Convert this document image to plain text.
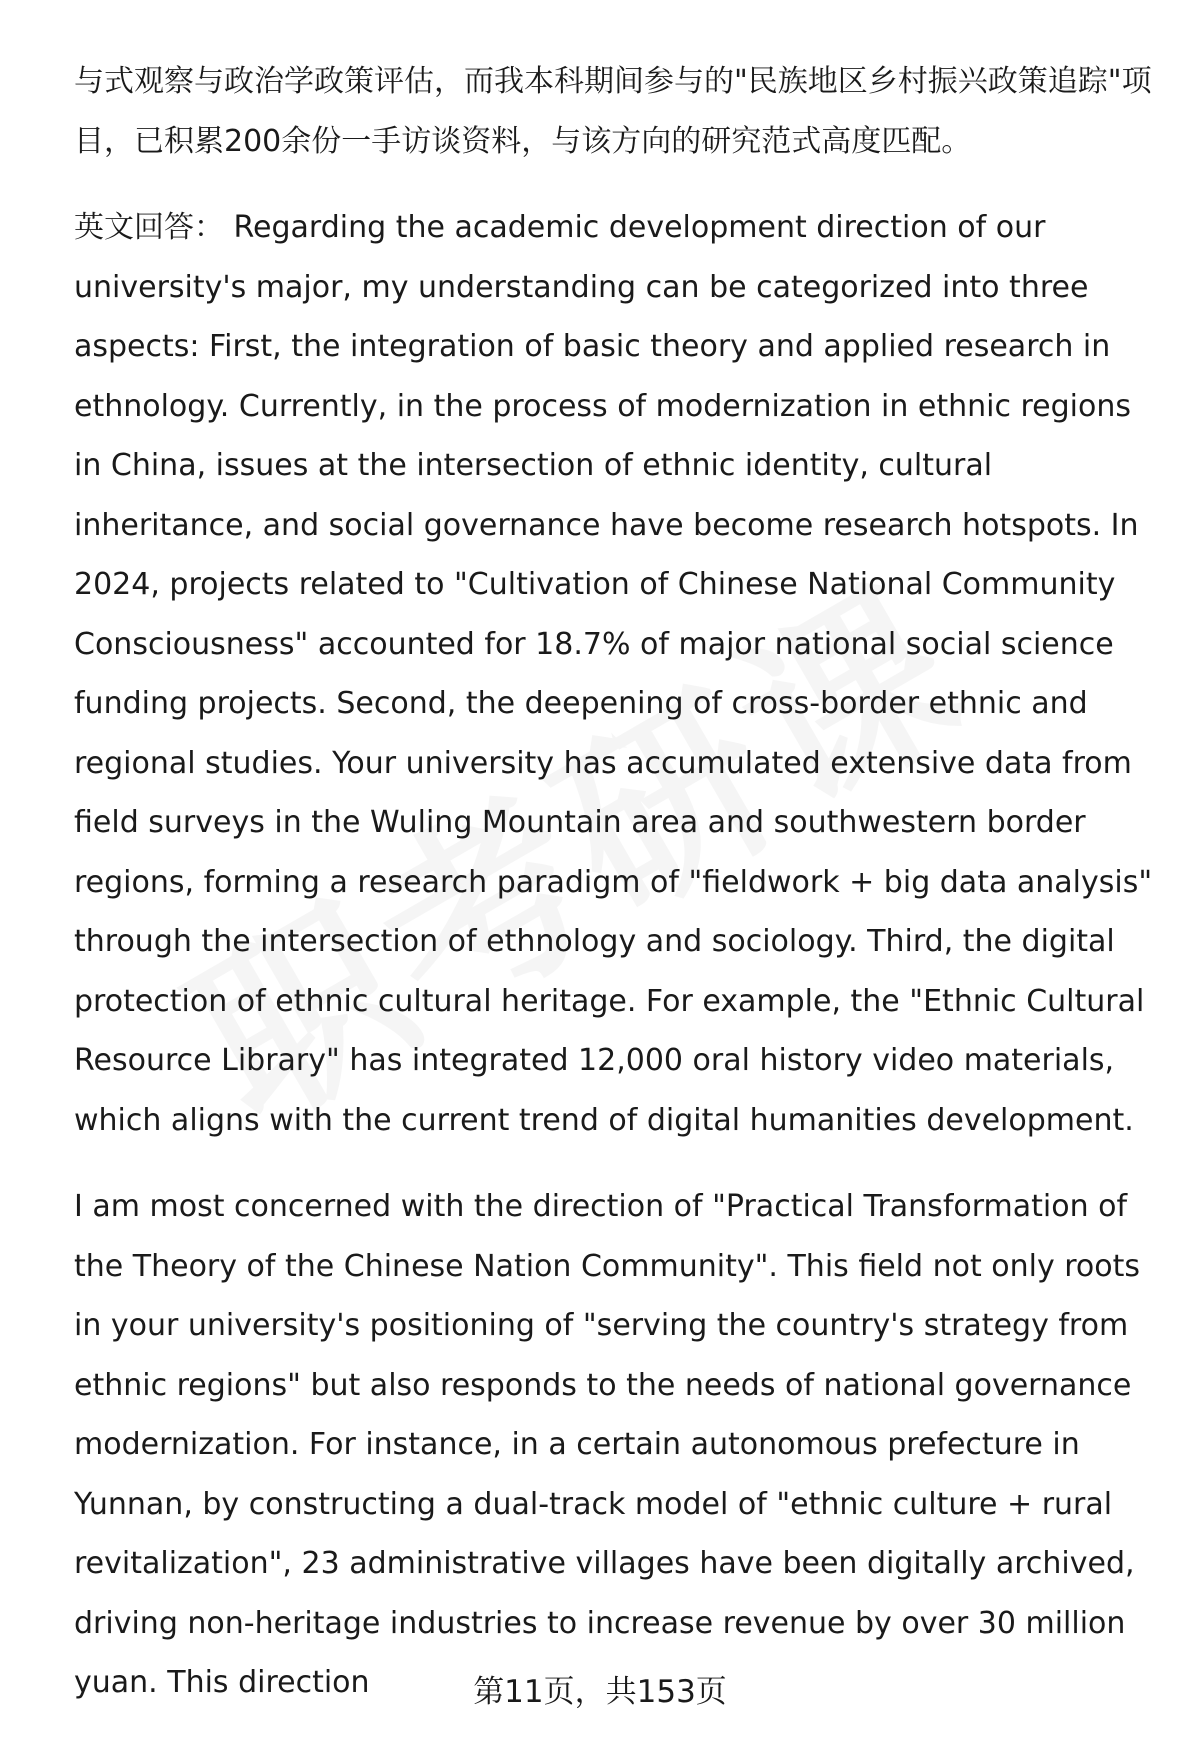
与式观察与政治学政策评估，而我本科期间参与的"民族地区乡村振兴政策追踪"项目，已积累200余份一手访谈资料，与该方向的研究范式高度匹配。

英文回答： Regarding the academic development direction of our university's major, my understanding can be categorized into three aspects: First, the integration of basic theory and applied research in ethnology. Currently, in the process of modernization in ethnic regions in China, issues at the intersection of ethnic identity, cultural inheritance, and social governance have become research hotspots. In 2024, projects related to "Cultivation of Chinese National Community Consciousness" accounted for 18.7% of major national social science funding projects. Second, the deepening of cross-border ethnic and regional studies. Your university has accumulated extensive data from field surveys in the Wuling Mountain area and southwestern border regions, forming a research paradigm of "fieldwork + big data analysis" through the intersection of ethnology and sociology. Third, the digital protection of ethnic cultural heritage. For example, the "Ethnic Cultural Resource Library" has integrated 12,000 oral history video materials, which aligns with the current trend of digital humanities development.

I am most concerned with the direction of "Practical Transformation of the Theory of the Chinese Nation Community". This field not only roots in your university's positioning of "serving the country's strategy from ethnic regions" but also responds to the needs of national governance modernization. For instance, in a certain autonomous prefecture in Yunnan, by constructing a dual-track model of "ethnic culture + rural revitalization", 23 administrative villages have been digitally archived, driving non-heritage industries to increase revenue by over 30 million yuan. This direction	第11页，共153页
